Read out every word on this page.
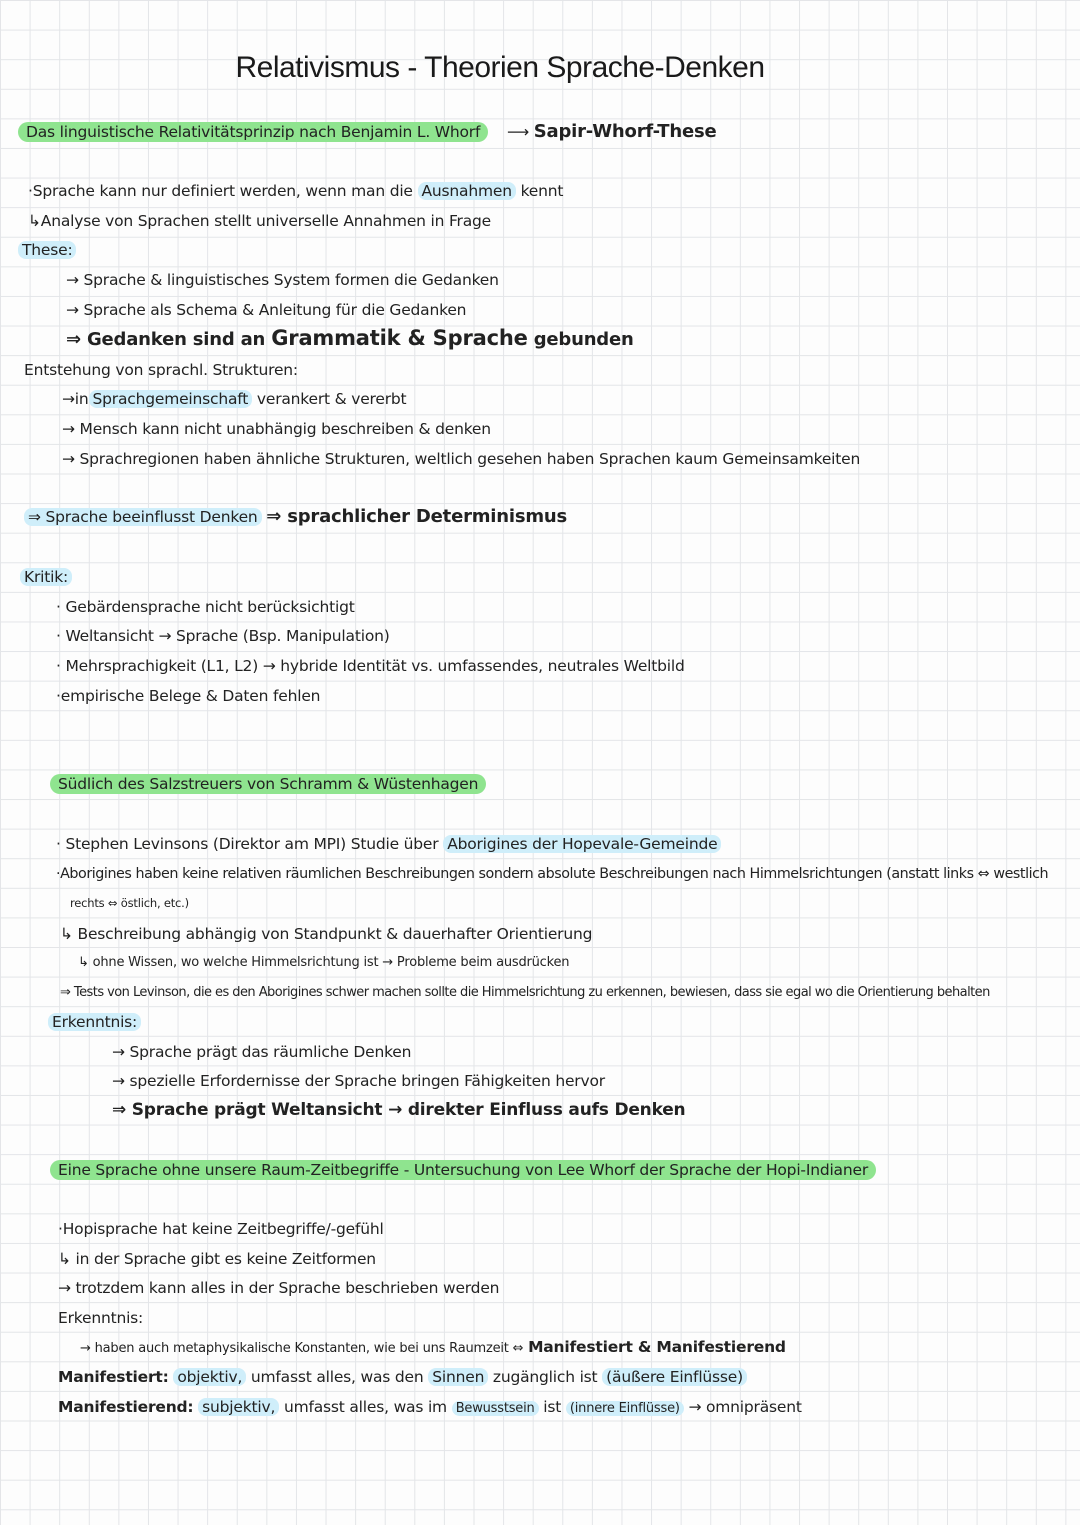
Relativismus - Theorien Sprache-Denken
Das linguistische Relativitätsprinzip nach Benjamin L. Whorf ⟶ Sapir-Whorf-These
·Sprache kann nur definiert werden, wenn man die Ausnahmen kennt
↳Analyse von Sprachen stellt universelle Annahmen in Frage
These:
→ Sprache & linguistisches System formen die Gedanken
→ Sprache als Schema & Anleitung für die Gedanken
⇒ Gedanken sind an Grammatik & Sprache gebunden
Entstehung von sprachl. Strukturen:
→in Sprachgemeinschaft verankert & vererbt
→ Mensch kann nicht unabhängig beschreiben & denken
→ Sprachregionen haben ähnliche Strukturen, weltlich gesehen haben Sprachen kaum Gemeinsamkeiten
⇒ Sprache beeinflusst Denken ⇒ sprachlicher Determinismus
Kritik:
· Gebärdensprache nicht berücksichtigt
· Weltansicht → Sprache (Bsp. Manipulation)
· Mehrsprachigkeit (L1, L2) → hybride Identität vs. umfassendes, neutrales Weltbild
·empirische Belege & Daten fehlen
Südlich des Salzstreuers von Schramm & Wüstenhagen
· Stephen Levinsons (Direktor am MPI) Studie über Aborigines der Hopevale-Gemeinde
·Aborigines haben keine relativen räumlichen Beschreibungen sondern absolute Beschreibungen nach Himmelsrichtungen (anstatt links ⇔ westlich
rechts ⇔ östlich, etc.)
↳ Beschreibung abhängig von Standpunkt & dauerhafter Orientierung
↳ ohne Wissen, wo welche Himmelsrichtung ist → Probleme beim ausdrücken
⇒ Tests von Levinson, die es den Aborigines schwer machen sollte die Himmelsrichtung zu erkennen, bewiesen, dass sie egal wo die Orientierung behalten
Erkenntnis:
→ Sprache prägt das räumliche Denken
→ spezielle Erfordernisse der Sprache bringen Fähigkeiten hervor
⇒ Sprache prägt Weltansicht → direkter Einfluss aufs Denken
Eine Sprache ohne unsere Raum-Zeitbegriffe - Untersuchung von Lee Whorf der Sprache der Hopi-Indianer
·Hopisprache hat keine Zeitbegriffe/-gefühl
↳ in der Sprache gibt es keine Zeitformen
→ trotzdem kann alles in der Sprache beschrieben werden
Erkenntnis:
→ haben auch metaphysikalische Konstanten, wie bei uns Raumzeit ⇔ Manifestiert & Manifestierend
Manifestiert: objektiv, umfasst alles, was den Sinnen zugänglich ist (äußere Einflüsse)
Manifestierend: subjektiv, umfasst alles, was im Bewusstsein ist (innere Einflüsse) → omnipräsent
